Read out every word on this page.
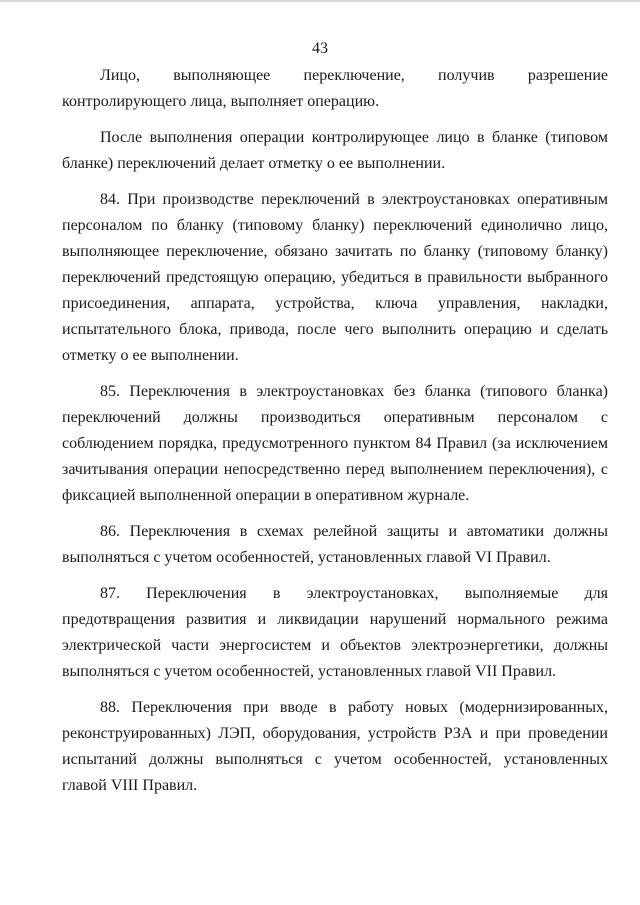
43

Лицо, выполняющее переключение, получив разрешение контролирующего лица, выполняет операцию.

После выполнения операции контролирующее лицо в бланке (типовом бланке) переключений делает отметку о ее выполнении.

84. При производстве переключений в электроустановках оперативным персоналом по бланку (типовому бланку) переключений единолично лицо, выполняющее переключение, обязано зачитать по бланку (типовому бланку) переключений предстоящую операцию, убедиться в правильности выбранного присоединения, аппарата, устройства, ключа управления, накладки, испытательного блока, привода, после чего выполнить операцию и сделать отметку о ее выполнении.

85. Переключения в электроустановках без бланка (типового бланка) переключений должны производиться оперативным персоналом с соблюдением порядка, предусмотренного пунктом 84 Правил (за исключением зачитывания операции непосредственно перед выполнением переключения), с фиксацией выполненной операции в оперативном журнале.

86. Переключения в схемах релейной защиты и автоматики должны выполняться с учетом особенностей, установленных главой VI Правил.

87. Переключения в электроустановках, выполняемые для предотвращения развития и ликвидации нарушений нормального режима электрической части энергосистем и объектов электроэнергетики, должны выполняться с учетом особенностей, установленных главой VII Правил.

88. Переключения при вводе в работу новых (модернизированных, реконструированных) ЛЭП, оборудования, устройств РЗА и при проведении испытаний должны выполняться с учетом особенностей, установленных главой VIII Правил.
